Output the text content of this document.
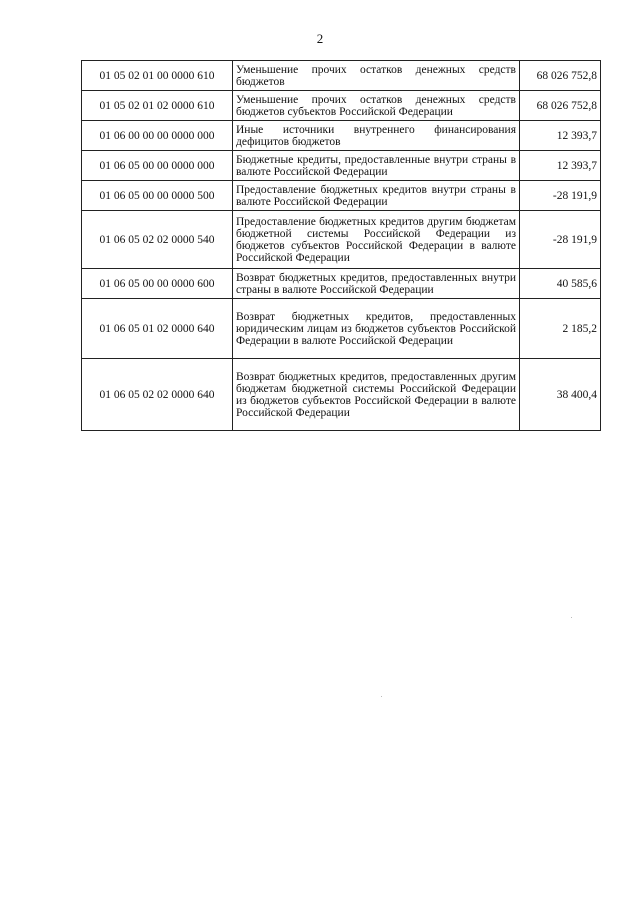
2
01 05 02 01 00 0000 610	Уменьшение прочих остатков денежных средств бюджетов	68 026 752,8
01 05 02 01 02 0000 610	Уменьшение прочих остатков денежных средств бюджетов субъектов Российской Федерации	68 026 752,8
01 06 00 00 00 0000 000	Иные источники внутреннего финансирования дефицитов бюджетов	12 393,7
01 06 05 00 00 0000 000	Бюджетные кредиты, предоставленные внутри страны в валюте Российской Федерации	12 393,7
01 06 05 00 00 0000 500	Предоставление бюджетных кредитов внутри страны в валюте Российской Федерации	-28 191,9
01 06 05 02 02 0000 540	Предоставление бюджетных кредитов другим бюджетам бюджетной системы Российской Федерации из бюджетов субъектов Российской Федерации в валюте Российской Федерации	-28 191,9
01 06 05 00 00 0000 600	Возврат бюджетных кредитов, предоставленных внутри страны в валюте Российской Федерации	40 585,6
01 06 05 01 02 0000 640	Возврат бюджетных кредитов, предоставленных юридическим лицам из бюджетов субъектов Российской Федерации в валюте Российской Федерации	2 185,2
01 06 05 02 02 0000 640	Возврат бюджетных кредитов, предоставленных другим бюджетам бюджетной системы Российской Федерации из бюджетов субъектов Российской Федерации в валюте Российской Федерации	38 400,4
